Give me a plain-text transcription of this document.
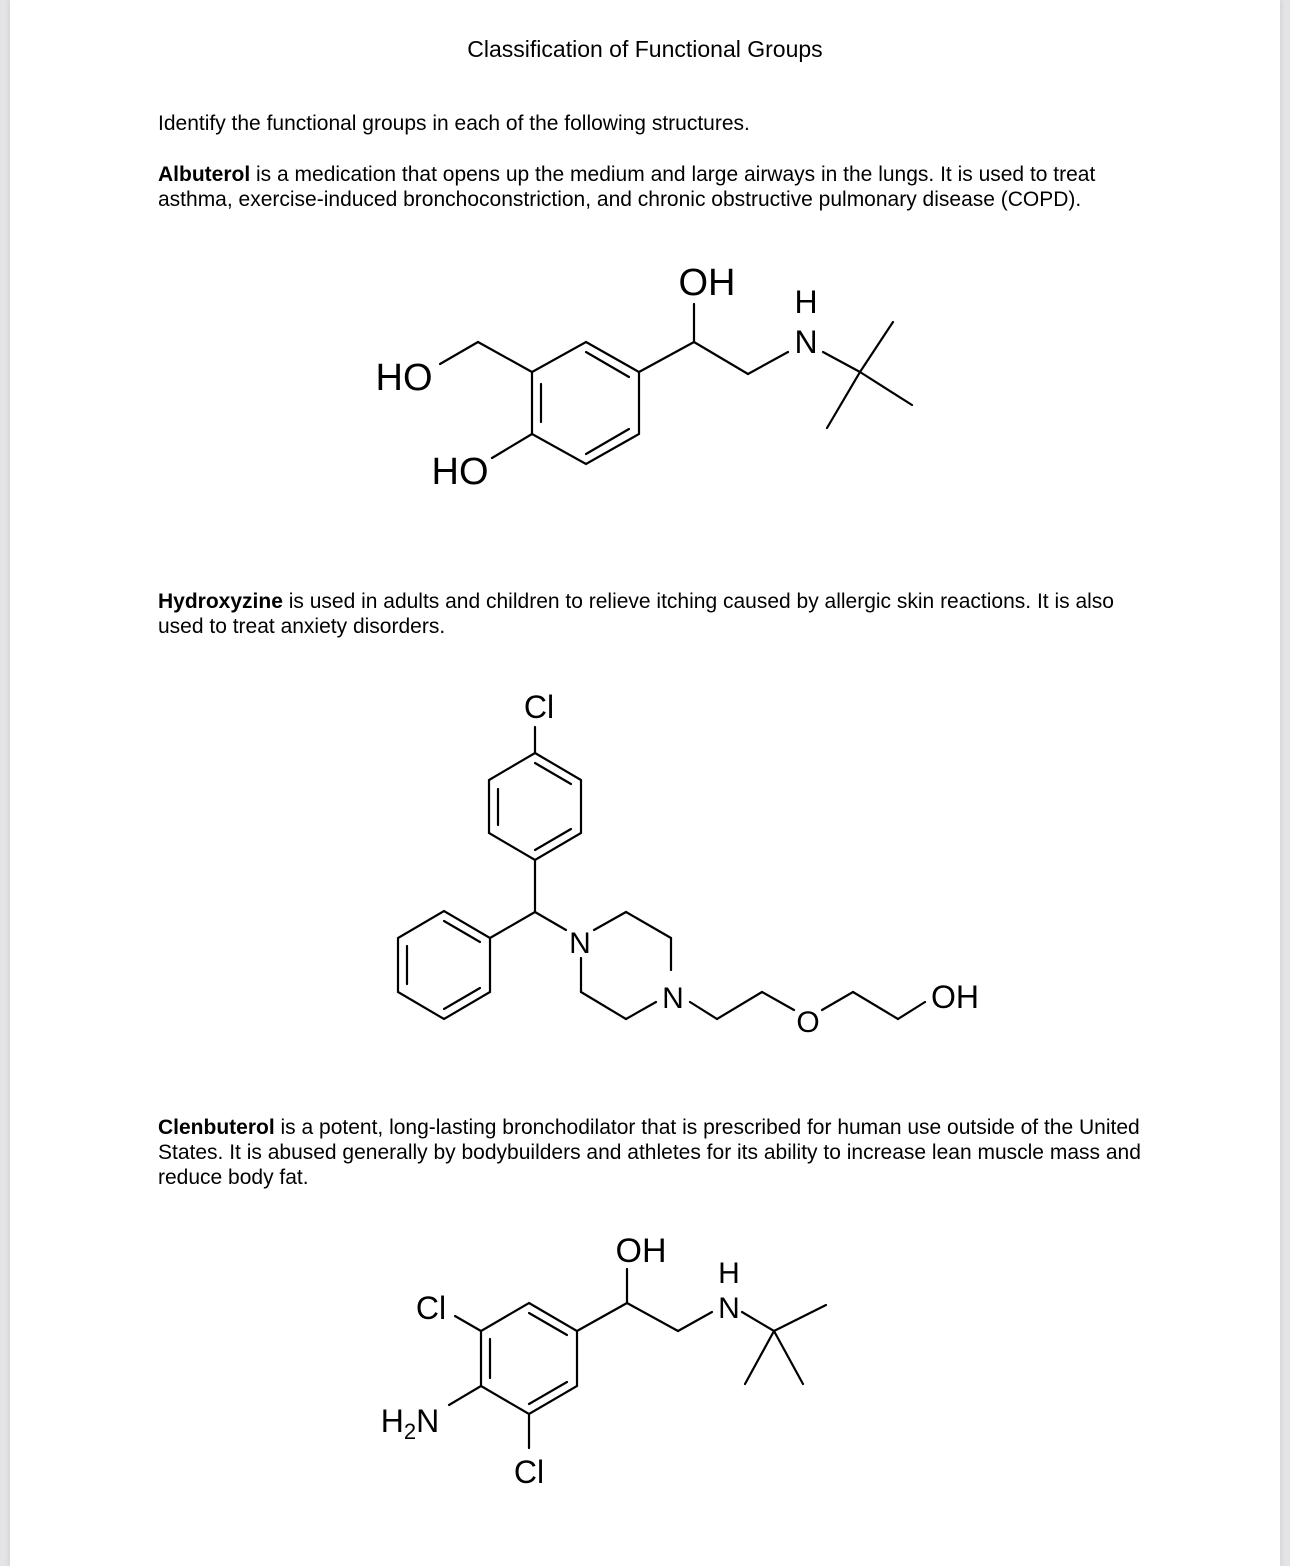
Classification of Functional Groups
Identify the functional groups in each of the following structures.
Albuterol is a medication that opens up the medium and large airways in the lungs. It is used to treat asthma, exercise-induced bronchoconstriction, and chronic obstructive pulmonary disease (COPD).
Hydroxyzine is used in adults and children to relieve itching caused by allergic skin reactions. It is also used to treat anxiety disorders.
Clenbuterol is a potent, long-lasting bronchodilator that is prescribed for human use outside of the United States. It is abused generally by bodybuilders and athletes for its ability to increase lean muscle mass and reduce body fat.
OH H
N
HO
HO
Cl
N
N
O
OH
OH
H
N
Cl
$H_2N$
Cl
